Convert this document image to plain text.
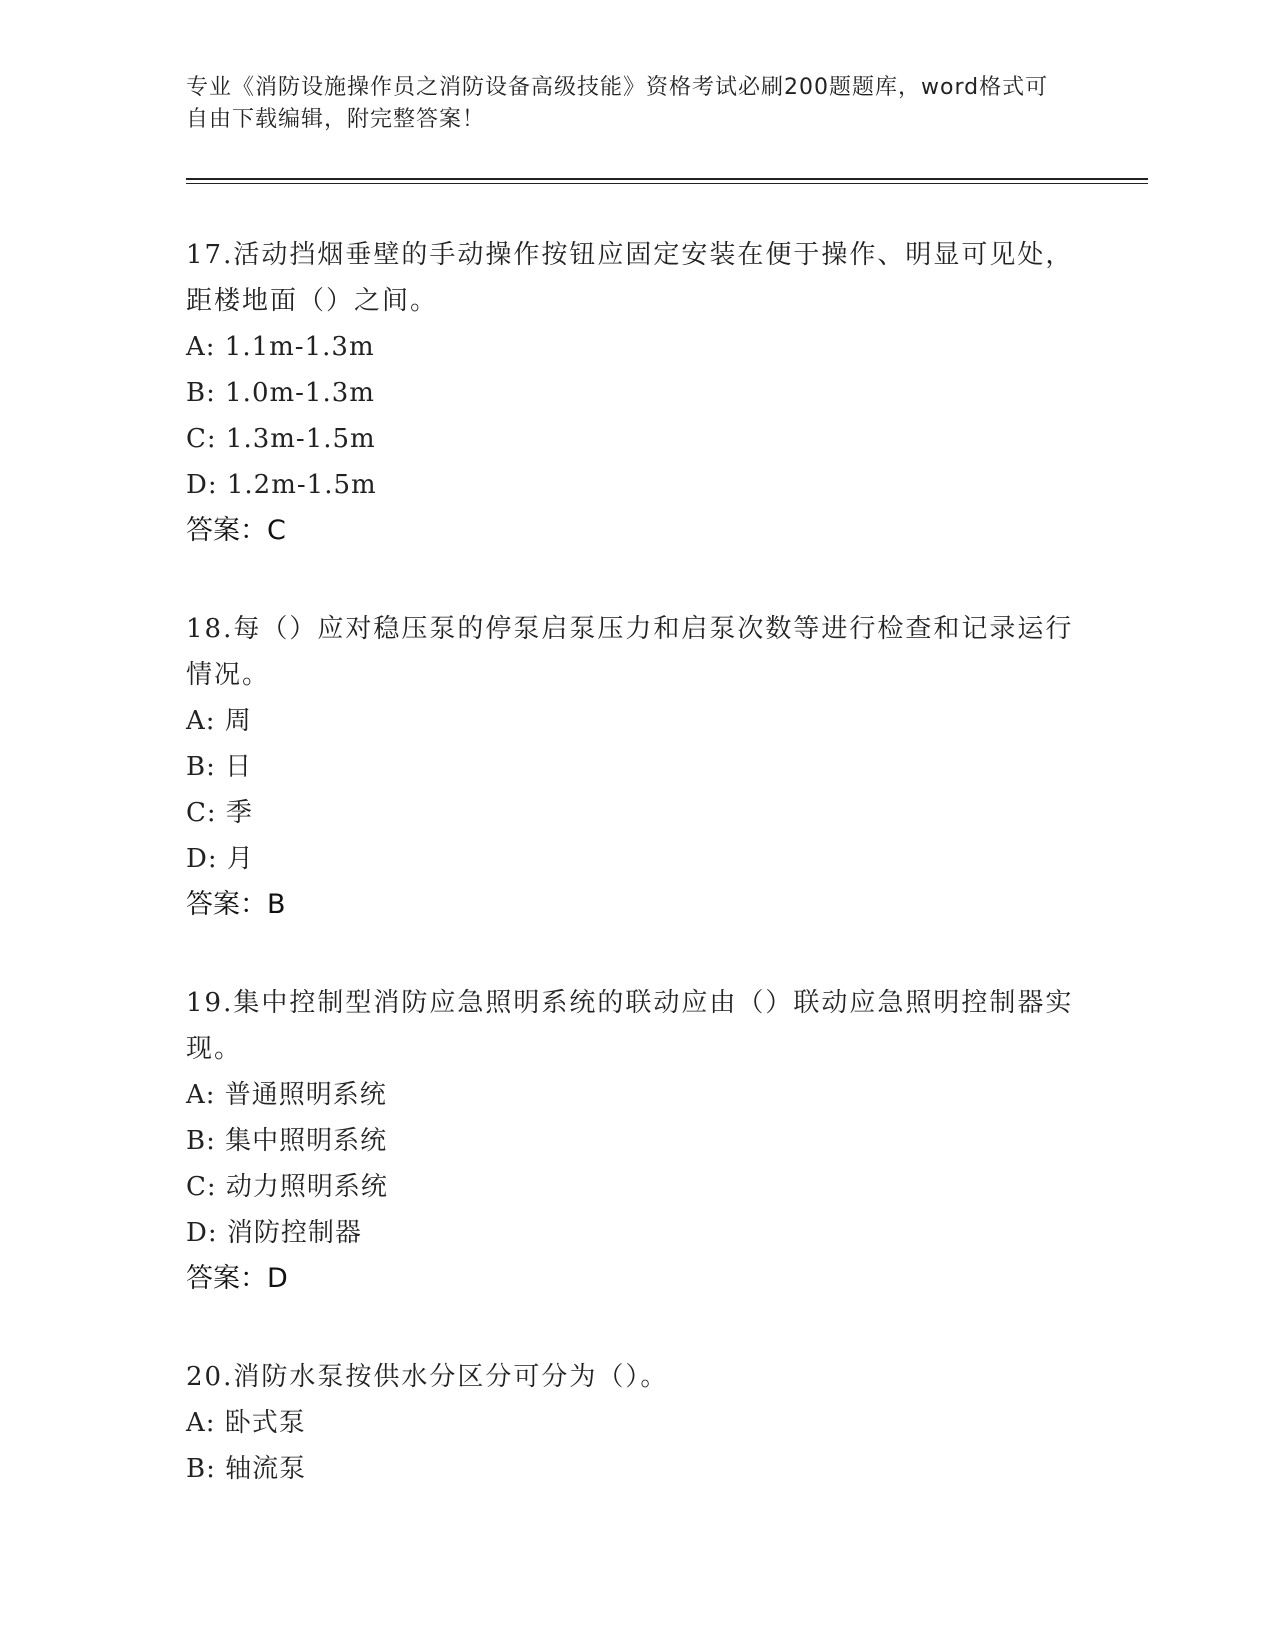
专业《消防设施操作员之消防设备高级技能》资格考试必刷200题题库，word格式可自由下载编辑，附完整答案！

17.活动挡烟垂壁的手动操作按钮应固定安装在便于操作、明显可见处，距楼地面（）之间。

A: 1.1m-1.3m

B: 1.0m-1.3m

C: 1.3m-1.5m

D: 1.2m-1.5m

答案：C

18.每（）应对稳压泵的停泵启泵压力和启泵次数等进行检查和记录运行情况。

A: 周

B: 日

C: 季

D: 月

答案：B

19.集中控制型消防应急照明系统的联动应由（）联动应急照明控制器实现。

A: 普通照明系统

B: 集中照明系统

C: 动力照明系统

D: 消防控制器

答案：D

20.消防水泵按供水分区分可分为（）。

A: 卧式泵

B: 轴流泵
